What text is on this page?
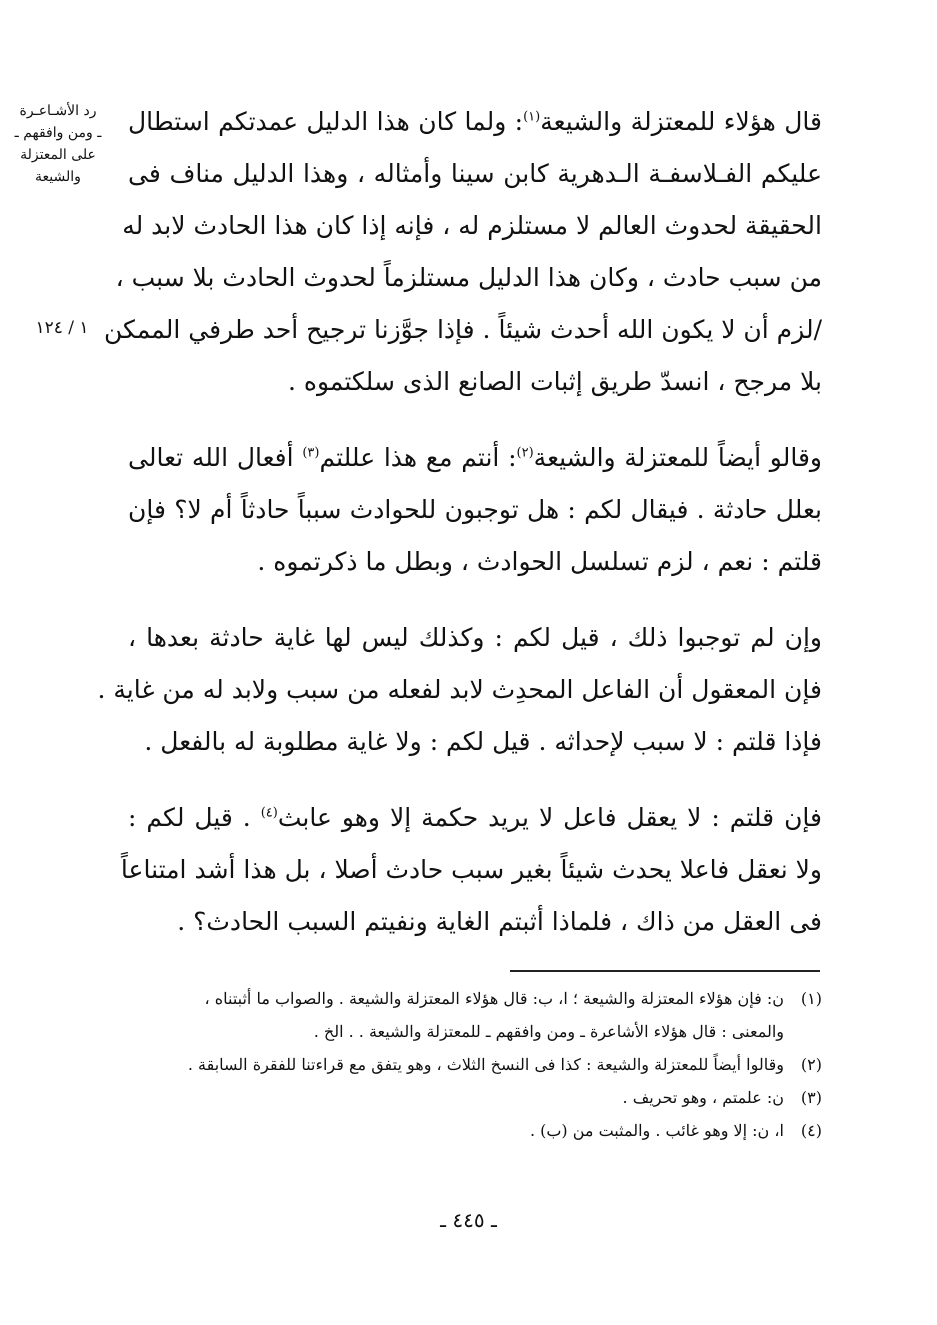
رد الأشـاعـرة
ـ ومن وافقهم ـ
على المعتزلة
والشيعة
١ / ١٢٤

قال هؤلاء للمعتزلة والشيعة$^{(١)}$: ولما كان هذا الدليل عمدتكم استطال
عليكم الفـلاسفـة الـدهرية كابن سينا وأمثاله ، وهذا الدليل مناف فى
الحقيقة لحدوث العالم لا مستلزم له ، فإنه إذا كان هذا الحادث لابد له
من سبب حادث ، وكان هذا الدليل مستلزماً لحدوث الحادث بلا سبب ،
/لزم أن لا يكون الله أحدث شيئاً . فإذا جوَّزنا ترجيح أحد طرفي الممكن
بلا مرجح ، انسدّ طريق إثبات الصانع الذى سلكتموه .

وقالو أيضاً للمعتزلة والشيعة$^{(٢)}$: أنتم مع هذا عللتم$^{(٣)}$ أفعال الله تعالى
بعلل حادثة . فيقال لكم : هل توجبون للحوادث سبباً حادثاً أم لا؟ فإن
قلتم : نعم ، لزم تسلسل الحوادث ، وبطل ما ذكرتموه .

وإن لم توجبوا ذلك ، قيل لكم : وكذلك ليس لها غاية حادثة بعدها ،
فإن المعقول أن الفاعل المحدِث لابد لفعله من سبب ولابد له من غاية .
فإذا قلتم : لا سبب لإحداثه . قيل لكم : ولا غاية مطلوبة له بالفعل .

فإن قلتم : لا يعقل فاعل لا يريد حكمة إلا وهو عابث$^{(٤)}$ . قيل لكم :
ولا نعقل فاعلا يحدث شيئاً بغير سبب حادث أصلا ، بل هذا أشد امتناعاً
فى العقل من ذاك ، فلماذا أثبتم الغاية ونفيتم السبب الحادث؟ .

(١)
ن: فإن هؤلاء المعتزلة والشيعة ؛ ا، ب: قال هؤلاء المعتزلة والشيعة . والصواب ما أثبتناه ،
والمعنى : قال هؤلاء الأشاعرة ـ ومن وافقهم ـ للمعتزلة والشيعة . . الخ .
(٢)
وقالوا أيضاً للمعتزلة والشيعة : كذا فى النسخ الثلاث ، وهو يتفق مع قراءتنا للفقرة السابقة .
(٣)
ن: علمتم ، وهو تحريف .
(٤)
ا، ن: إلا وهو غائب . والمثبت من (ب) .
ـ ٤٤٥ ـ
